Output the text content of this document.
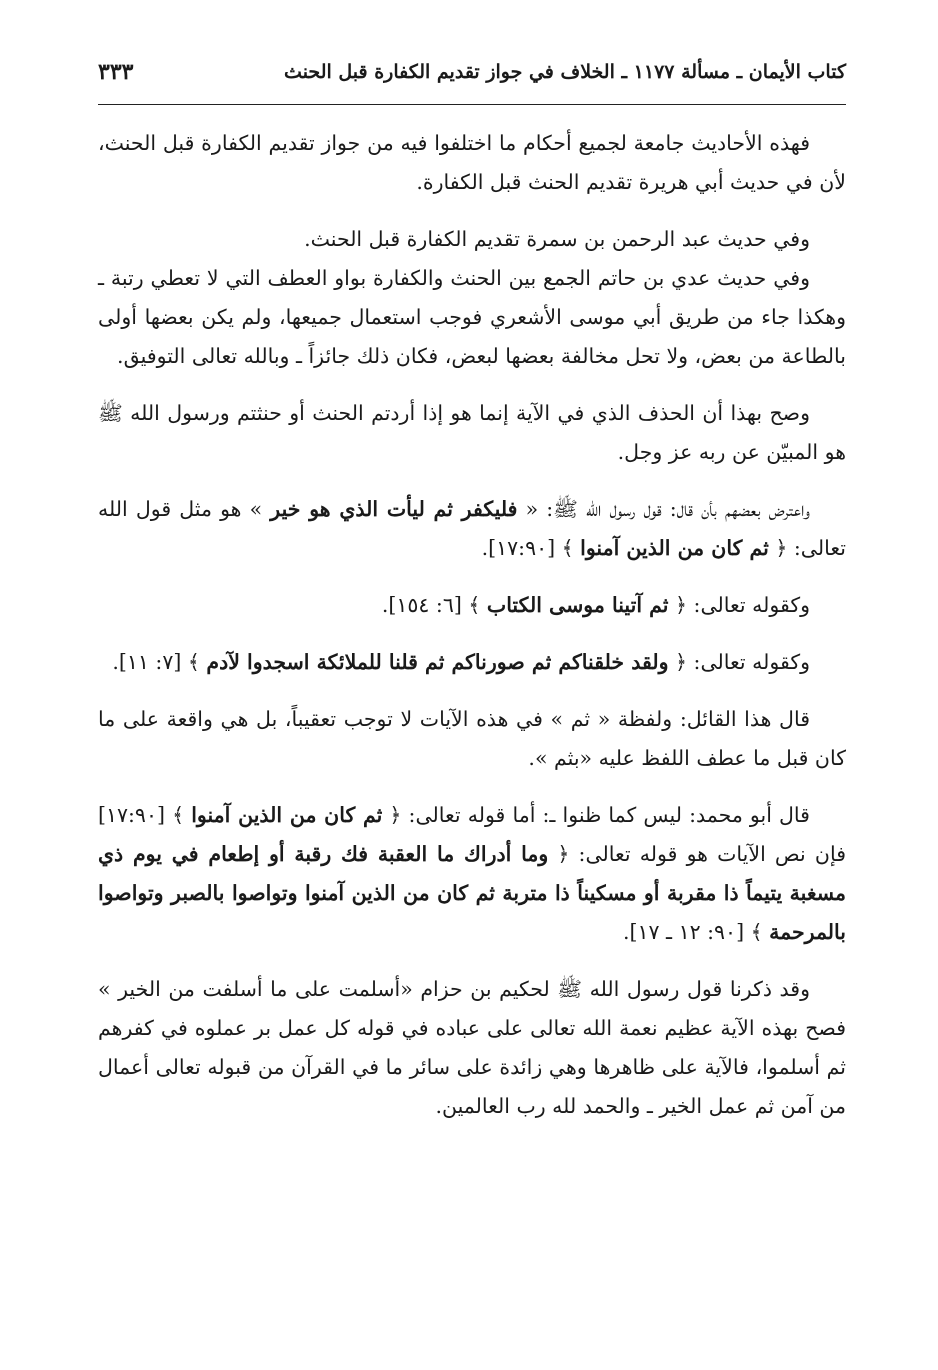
كتاب الأيمان ـ مسألة ١١٧٧ ـ الخلاف في جواز تقديم الكفارة قبل الحنث
٣٣٣

فهذه الأحاديث جامعة لجميع أحكام ما اختلفوا فيه من جواز تقديم الكفارة قبل الحنث، لأن في حديث أبي هريرة تقديم الحنث قبل الكفارة.

وفي حديث عبد الرحمن بن سمرة تقديم الكفارة قبل الحنث.

وفي حديث عدي بن حاتم الجمع بين الحنث والكفارة بواو العطف التي لا تعطي رتبة ـ وهكذا جاء من طريق أبي موسى الأشعري فوجب استعمال جميعها، ولم يكن بعضها أولى بالطاعة من بعض، ولا تحل مخالفة بعضها لبعض، فكان ذلك جائزاً ـ وبالله تعالى التوفيق.

وصح بهذا أن الحذف الذي في الآية إنما هو إذا أردتم الحنث أو حنثتم ورسول الله ﷺ هو المبيّن عن ربه عز وجل.

واعترض بعضهم بأن قال: قول رسول الله ﷺ: « فليكفر ثم ليأت الذي هو خير » هو مثل قول الله تعالى: ﴿ ثم كان من الذين آمنوا ﴾ [١٧:٩٠].

وكقوله تعالى: ﴿ ثم آتينا موسى الكتاب ﴾ [٦: ١٥٤].

وكقوله تعالى: ﴿ ولقد خلقناكم ثم صورناكم ثم قلنا للملائكة اسجدوا لآدم ﴾ [٧: ١١].

قال هذا القائل: ولفظة « ثم » في هذه الآيات لا توجب تعقيباً، بل هي واقعة على ما كان قبل ما عطف اللفظ عليه «بثم ».

قال أبو محمد: ليس كما ظنوا ـ: أما قوله تعالى: ﴿ ثم كان من الذين آمنوا ﴾ [١٧:٩٠] فإن نص الآيات هو قوله تعالى: ﴿ وما أدراك ما العقبة فك رقبة أو إطعام في يوم ذي مسغبة يتيماً ذا مقربة أو مسكيناً ذا متربة ثم كان من الذين آمنوا وتواصوا بالصبر وتواصوا بالمرحمة ﴾ [٩٠: ١٢ ـ ١٧].

وقد ذكرنا قول رسول الله ﷺ لحكيم بن حزام «أسلمت على ما أسلفت من الخير » فصح بهذه الآية عظيم نعمة الله تعالى على عباده في قوله كل عمل بر عملوه في كفرهم ثم أسلموا، فالآية على ظاهرها وهي زائدة على سائر ما في القرآن من قبوله تعالى أعمال من آمن ثم عمل الخير ـ والحمد لله رب العالمين.
